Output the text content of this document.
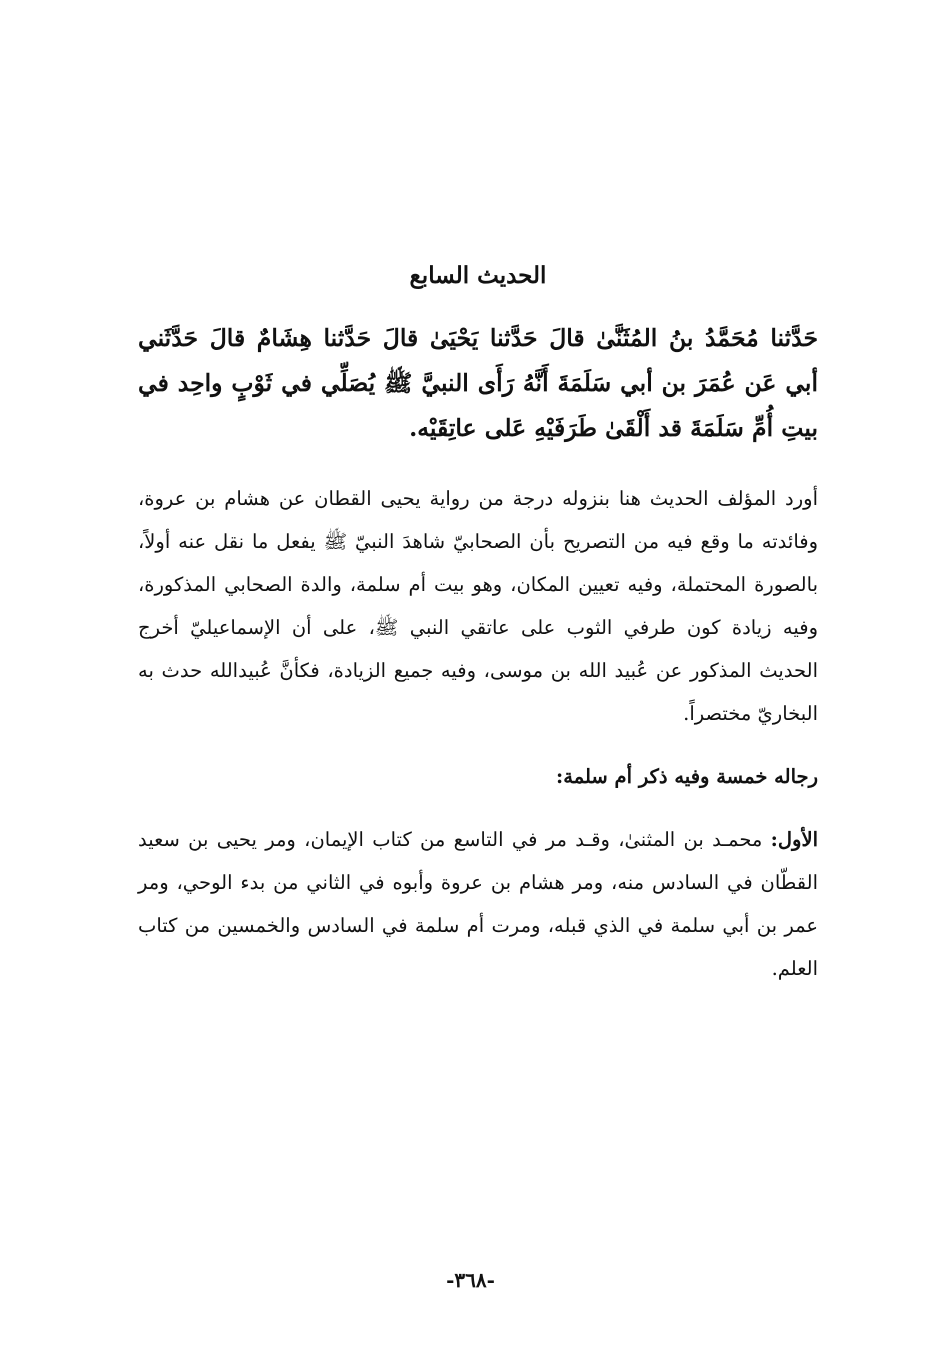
الحديث السابع
حَدَّثنا مُحَمَّدُ بنُ المُثَنَّىٰ قالَ حَدَّثنا يَحْيَىٰ قالَ حَدَّثنا هِشَامٌ قالَ حَدَّثَني أبي عَن عُمَرَ بن أبي سَلَمَةَ أَنَّهُ رَأَى النبيَّ ﷺ يُصَلِّي في ثَوْبٍ واحِد في بيتِ أُمِّ سَلَمَةَ قد أَلْقَىٰ طَرَفَيْهِ عَلى عاتِقَيْه.
أورد المؤلف الحديث هنا بنزوله درجة من رواية يحيى القطان عن هشام بن عروة، وفائدته ما وقع فيه من التصريح بأن الصحابيّ شاهدَ النبيّ ﷺ يفعل ما نقل عنه أولاً، بالصورة المحتملة، وفيه تعيين المكان، وهو بيت أم سلمة، والدة الصحابي المذكورة، وفيه زيادة كون طرفي الثوب على عاتقي النبي ﷺ، على أن الإسماعيليّ أخرج الحديث المذكور عن عُبيد الله بن موسى، وفيه جميع الزيادة، فكأنَّ عُبيدالله حدث به البخاريّ مختصراً.
رجاله خمسة وفيه ذكر أم سلمة:
الأول: محمـد بن المثنىٰ، وقـد مر في التاسع من كتاب الإيمان، ومر يحيى بن سعيد القطّان في السادس منه، ومر هشام بن عروة وأبوه في الثاني من بدء الوحي، ومر عمر بن أبي سلمة في الذي قبله، ومرت أم سلمة في السادس والخمسين من كتاب العلم.
-٣٦٨-
